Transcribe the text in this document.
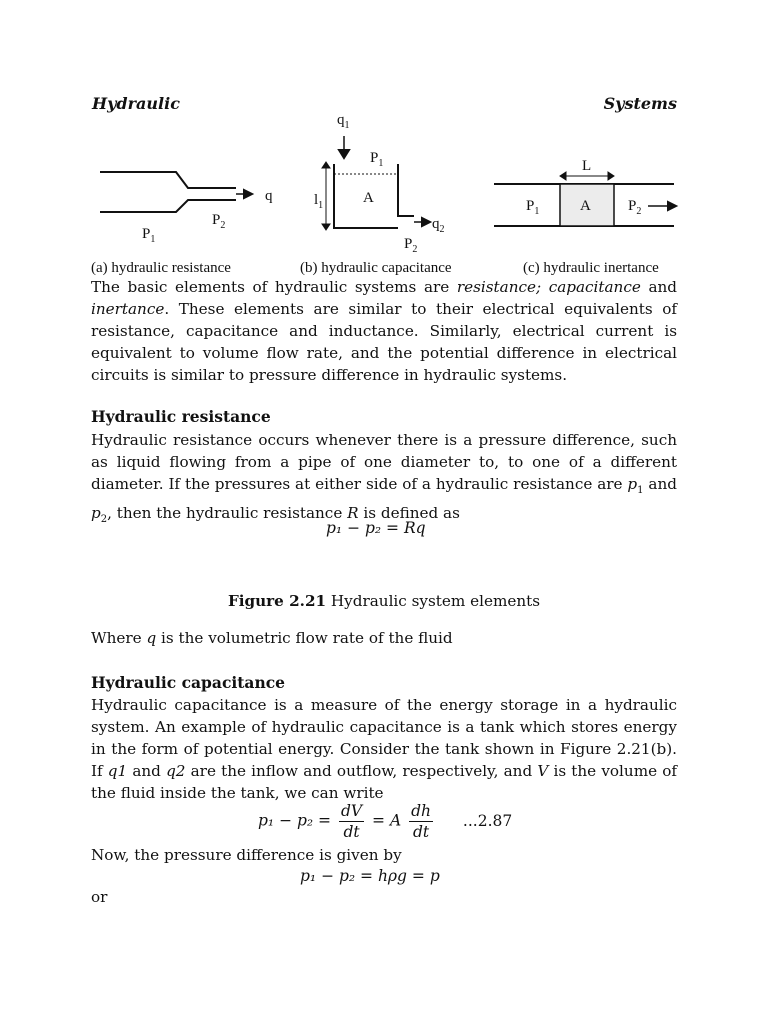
Hydraulic	Systems
q
$P_1$
$P_2$
$q_1$
$P_1$
$l_1$	A
$q_2$
$P_2$
L
$P_1$	A $P_2$
(a) hydraulic resistance	(b) hydraulic capacitance	(c) hydraulic inertance
The basic elements of hydraulic systems are resistance; capacitance and inertance. These elements are similar to their electrical equivalents of resistance, capacitance and inductance. Similarly, electrical current is equivalent to volume flow rate, and the potential difference in electrical circuits is similar to pressure difference in hydraulic systems.
Hydraulic resistance
Hydraulic resistance occurs whenever there is a pressure difference, such as liquid flowing from a pipe of one diameter to, to one of a different diameter. If the pressures at either side of a hydraulic resistance are $p_1$ and $p_2$, then the hydraulic resistance R is defined as
p₁ − p₂ = Rq
Figure 2.21 Hydraulic system elements
Where q is the volumetric flow rate of the fluid
Hydraulic capacitance
Hydraulic capacitance is a measure of the energy storage in a hydraulic system. An example of hydraulic capacitance is a tank which stores energy in the form of potential energy. Consider the tank shown in Figure 2.21(b). If q1 and q2 are the inflow and outflow, respectively, and V is the volume of the fluid inside the tank, we can write
$p_1 - p_2 = \frac{dV}{dt} = A \frac{dh}{dt} ...2.87$
Now, the pressure difference is given by
p₁ − p₂ = hρg = p
or
